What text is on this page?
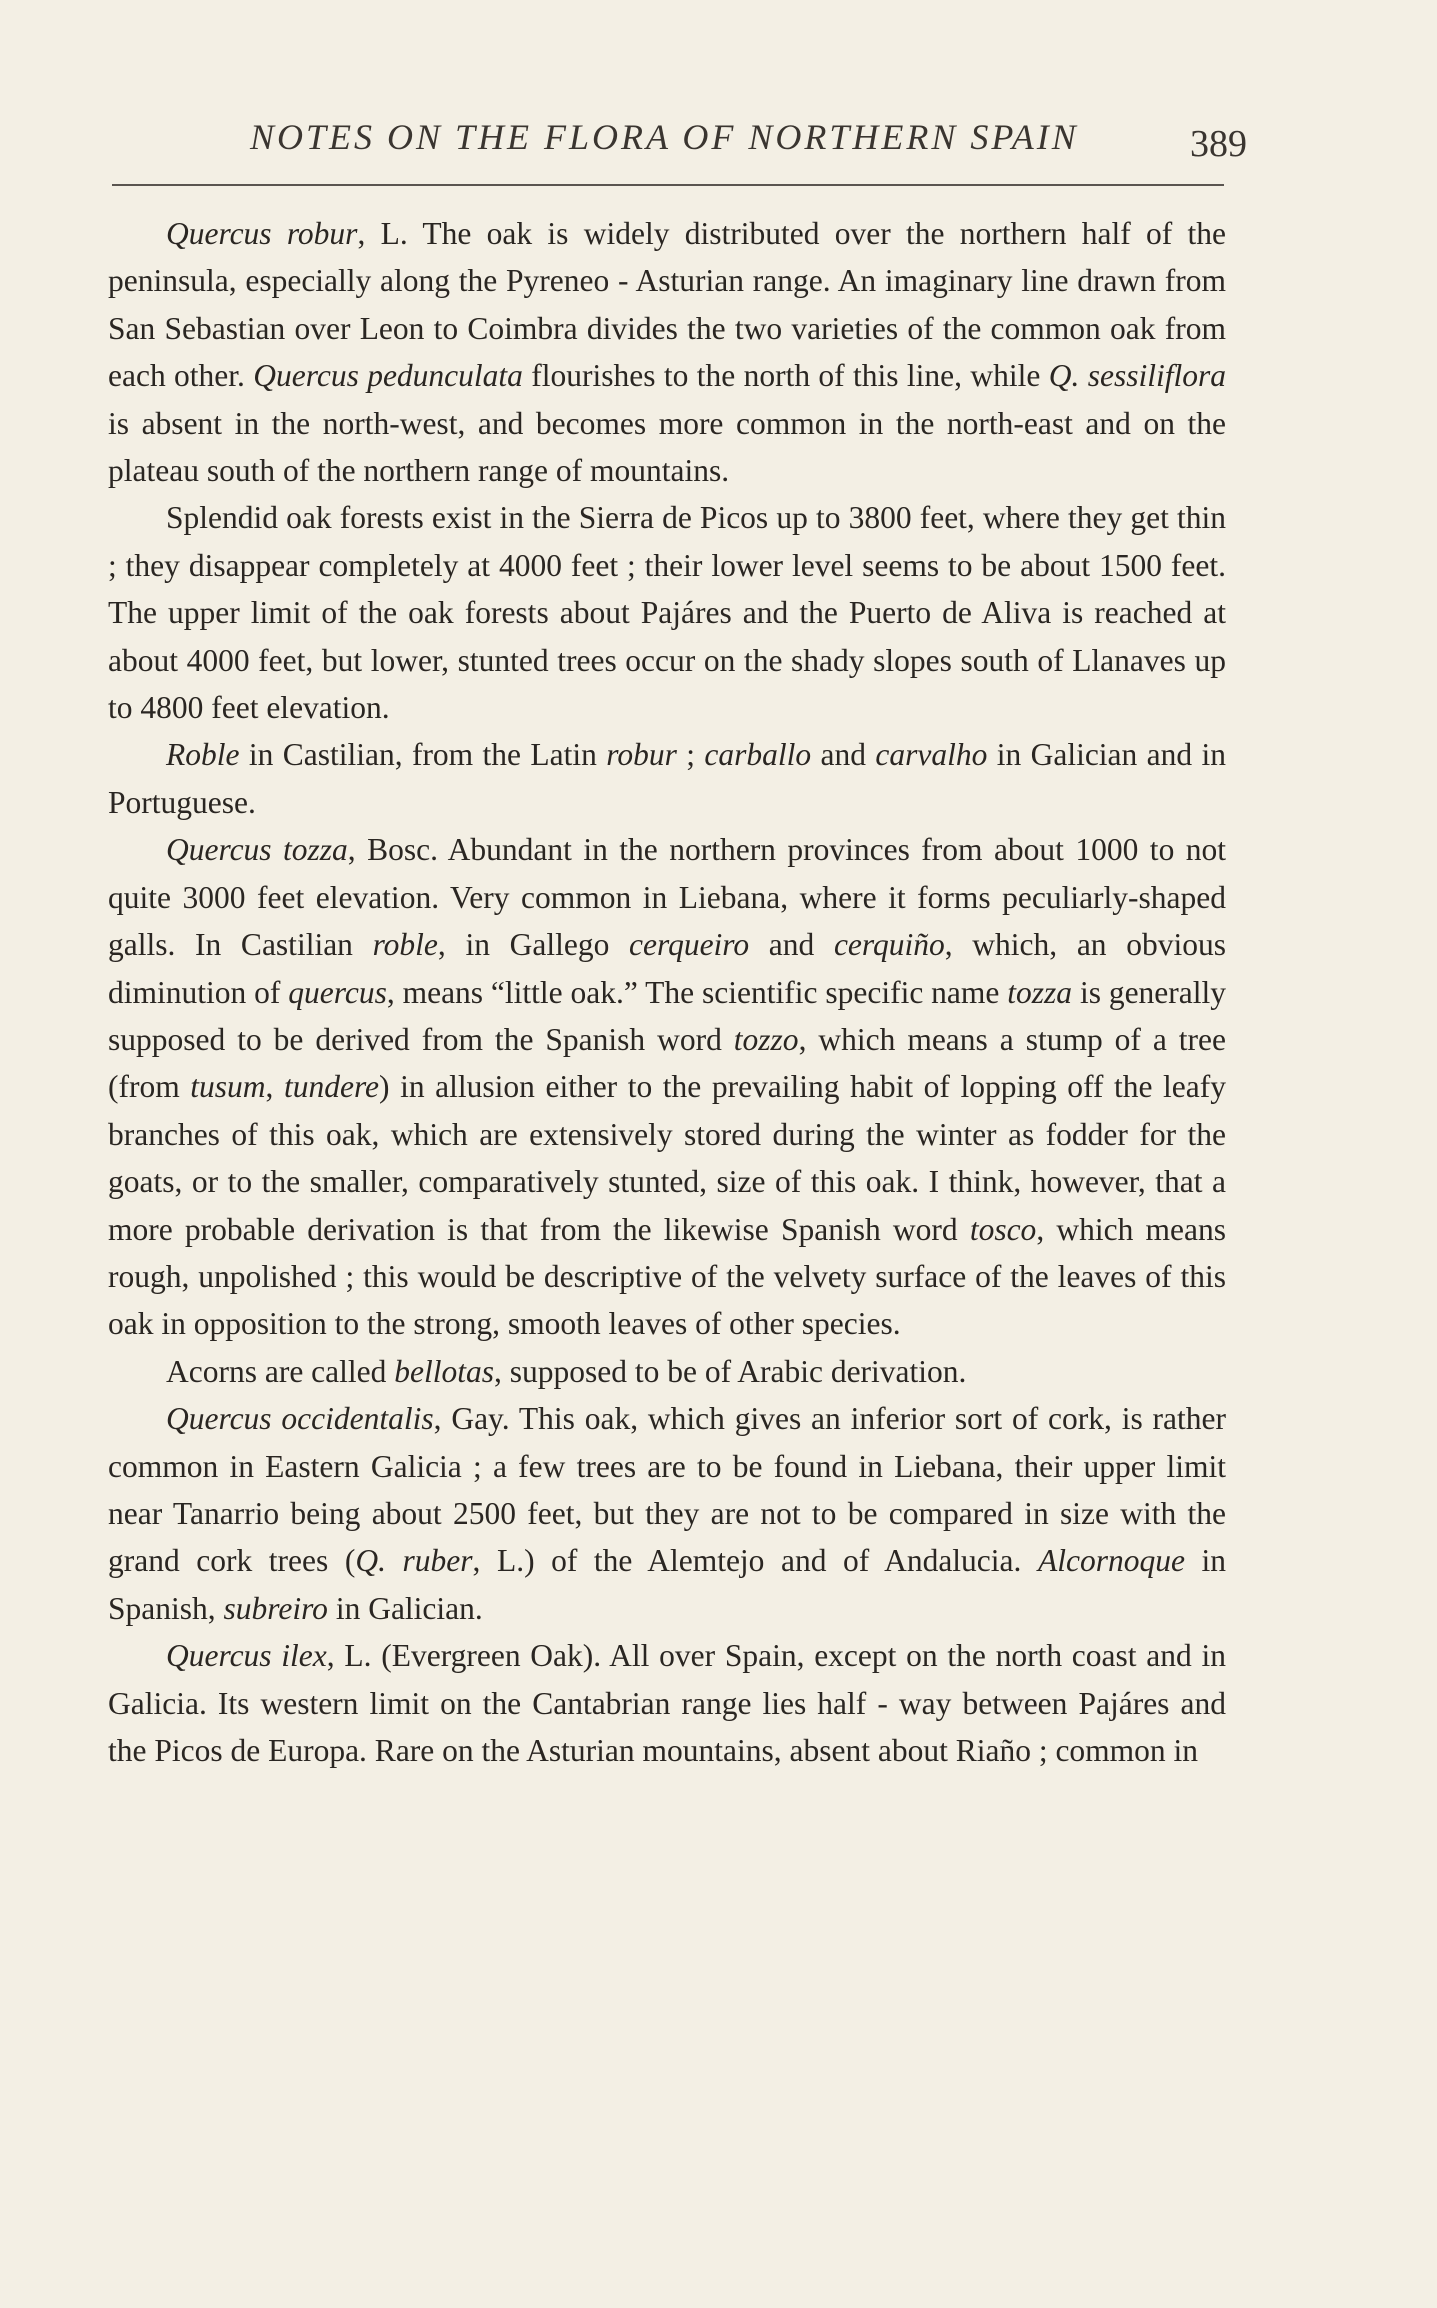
NOTES ON THE FLORA OF NORTHERN SPAIN	389

Quercus robur, L. The oak is widely distributed over the northern half of the peninsula, especially along the Pyreneo - Asturian range. An imaginary line drawn from San Sebastian over Leon to Coimbra divides the two varieties of the common oak from each other. Quercus pedunculata flourishes to the north of this line, while Q. sessiliflora is absent in the north-west, and becomes more common in the north-east and on the plateau south of the northern range of mountains.

Splendid oak forests exist in the Sierra de Picos up to 3800 feet, where they get thin ; they disappear completely at 4000 feet ; their lower level seems to be about 1500 feet. The upper limit of the oak forests about Pajáres and the Puerto de Aliva is reached at about 4000 feet, but lower, stunted trees occur on the shady slopes south of Llanaves up to 4800 feet elevation.

Roble in Castilian, from the Latin robur ; carballo and carvalho in Galician and in Portuguese.

Quercus tozza, Bosc. Abundant in the northern provinces from about 1000 to not quite 3000 feet elevation. Very common in Liebana, where it forms peculiarly-shaped galls. In Castilian roble, in Gallego cerqueiro and cerquiño, which, an obvious diminution of quercus, means “little oak.” The scientific specific name tozza is generally supposed to be derived from the Spanish word tozzo, which means a stump of a tree (from tusum, tundere) in allusion either to the prevailing habit of lopping off the leafy branches of this oak, which are extensively stored during the winter as fodder for the goats, or to the smaller, comparatively stunted, size of this oak. I think, however, that a more probable derivation is that from the likewise Spanish word tosco, which means rough, unpolished ; this would be descriptive of the velvety surface of the leaves of this oak in opposition to the strong, smooth leaves of other species.

Acorns are called bellotas, supposed to be of Arabic derivation.

Quercus occidentalis, Gay. This oak, which gives an inferior sort of cork, is rather common in Eastern Galicia ; a few trees are to be found in Liebana, their upper limit near Tanarrio being about 2500 feet, but they are not to be compared in size with the grand cork trees (Q. ruber, L.) of the Alemtejo and of Andalucia. Alcornoque in Spanish, subreiro in Galician.

Quercus ilex, L. (Evergreen Oak). All over Spain, except on the north coast and in Galicia. Its western limit on the Cantabrian range lies half - way between Pajáres and the Picos de Europa. Rare on the Asturian mountains, absent about Riaño ; common in
